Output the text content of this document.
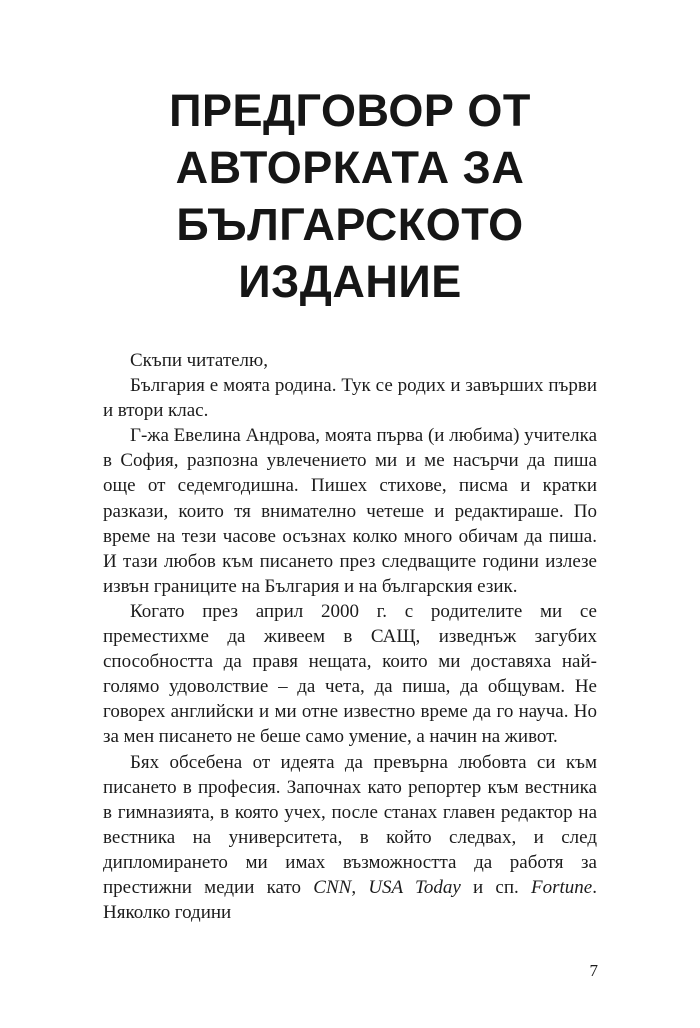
ПРЕДГОВОР ОТ
АВТОРКАТА ЗА
БЪЛГАРСКОТО
ИЗДАНИЕ

Скъпи читателю,

България е моята родина. Тук се родих и завърших първи и втори клас.

Г-жа Евелина Андрова, моята първа (и любима) учителка в София, разпозна увлечението ми и ме насърчи да пиша още от седемгодишна. Пишех стихове, писма и кратки разкази, които тя внимателно четеше и редактираше. По време на тези часове осъзнах колко много обичам да пиша. И тази любов към писането през следващите години излезе извън границите на България и на българския език.

Когато през април 2000 г. с родителите ми се преместихме да живеем в САЩ, изведнъж загубих способността да правя нещата, които ми доставяха най-голямо удоволствие – да чета, да пиша, да общувам. Не говорех английски и ми отне известно време да го науча. Но за мен писането не беше само умение, а начин на живот.

Бях обсебена от идеята да превърна любовта си към писането в професия. Започнах като репортер към вестника в гимназията, в която учех, после станах главен редактор на вестника на университета, в който следвах, и след дипломирането ми имах възможността да работя за престижни медии като CNN, USA Today и сп. Fortune. Няколко години

7
